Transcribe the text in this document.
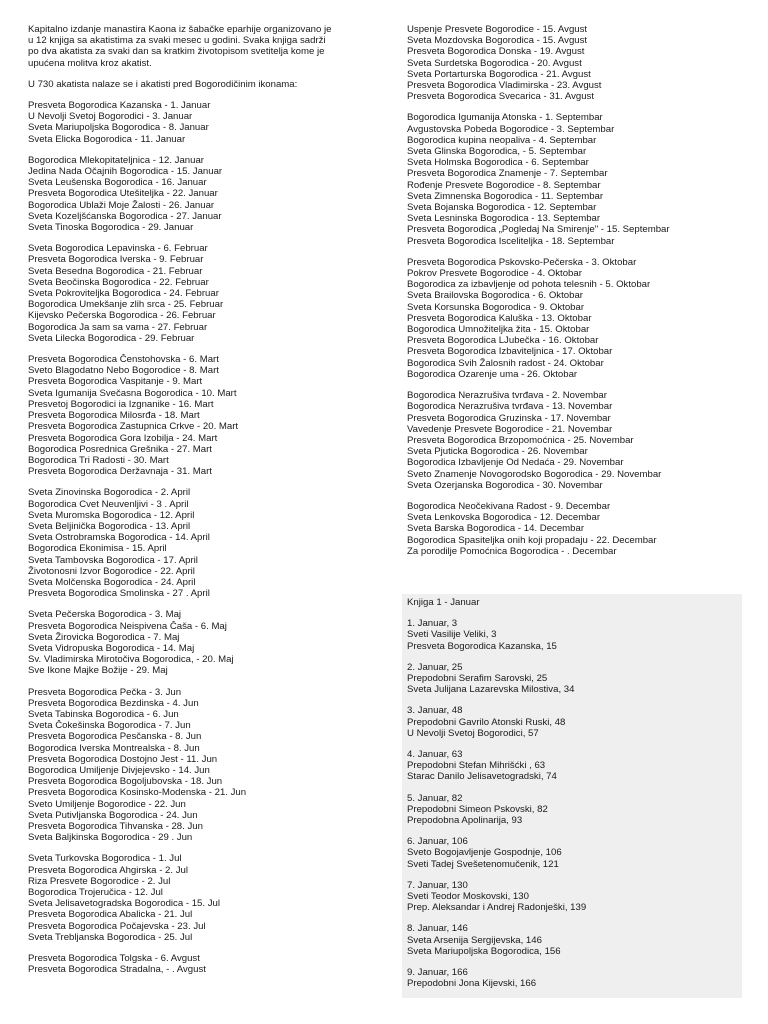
Kapitalno izdanje manastira Kaona iz šabačke eparhije organizovano je
u 12 knjiga sa akatistima za svaki mesec u godini. Svaka knjiga sadrži
po dva akatista za svaki dan sa kratkim životopisom svetitelja kome je
upućena molitva kroz akatist.

U 730 akatista nalaze se i akatisti pred Bogorodičinim ikonama:

Presveta Bogorodica Kazanska - 1. Januar
U Nevolji Svetoj Bogorodici - 3. Januar
Sveta Mariupoljska Bogorodica - 8. Januar
Sveta Elicka Bogorodica - 11. Januar
Bogorodica Mlekopitateljnica - 12. Januar
Jedina Nada Očajnih Bogorodica - 15. Januar
Sveta Leušenska Bogorodica - 16. Januar
Presveta Bogorodica Utešiteljka - 22. Januar
Bogorodica Ublaži Moje Žalosti - 26. Januar
Sveta Kozeljšćanska Bogorodica - 27. Januar
Sveta Tinoska Bogorodica - 29. Januar
Sveta Bogorodica Lepavinska - 6. Februar
Presveta Bogorodica Iverska - 9. Februar
Sveta Besedna Bogorodica - 21. Februar
Sveta Beočinska Bogorodica - 22. Februar
Sveta Pokroviteljka Bogorodica - 24. Februar
Bogorodica Umekšanje zlih srca - 25. Februar
Kijevsko Pečerska Bogorodica - 26. Februar
Bogorodica Ja sam sa vama - 27. Februar
Sveta Lilecka Bogorodica - 29. Februar
Presveta Bogorodica Čenstohovska - 6. Mart
Sveto Blagodatno Nebo Bogorodice - 8. Mart
Presveta Bogorodica Vaspitanje - 9. Mart
Sveta Igumanija Svečasna Bogorodica - 10. Mart
Presvetoj Bogorodici ia Izgnanike - 16. Mart
Presveta Bogorodica Milosrđa - 18. Mart
Presveta Bogorodica Zastupnica Crkve - 20. Mart
Presveta Bogorodica Gora Izobilja - 24. Mart
Bogorodica Posrednica Grešnika - 27. Mart
Bogorodica Tri Radosti - 30. Mart
Presveta Bogorodica Deržavnaja - 31. Mart
Sveta Zinovinska Bogorodica - 2. April
Bogorodica Cvet Neuvenljivi - 3 . April
Sveta Muromska Bogorodica - 12. April
Sveta Beljinička Bogorodica - 13. April
Sveta Ostrobramska Bogorodica - 14. April
Bogorodica Ekonimisa - 15. April
Sveta Tambovska Bogorodica - 17. April
Životonosni Izvor Bogorodice - 22. April
Sveta Molčenska Bogorodica - 24. April
Presveta Bogorodica Smolinska - 27 . April
Sveta Pečerska Bogorodica - 3. Maj
Presveta Bogorodica Neispivena Čaša - 6. Maj
Sveta Žirovicka Bogorodica - 7. Maj
Sveta Vidropuska Bogorodica - 14. Maj
Sv. Vladimirska Mirotočiva Bogorodica, - 20. Maj
Sve Ikone Majke Božije - 29. Maj
Presveta Bogorodica Pečka - 3. Jun
Presveta Bogorodica Bezdinska - 4. Jun
Sveta Tabinska Bogorodica - 6. Jun
Sveta Čokešinska Bogorodica - 7. Jun
Presveta Bogorodica Pesčanska - 8. Jun
Bogorodica Iverska Montrealska - 8. Jun
Presveta Bogorodica Dostojno Jest - 11. Jun
Bogorodica Umiljenje Divjejevsko - 14. Jun
Presveta Bogorodica Bogoljubovska - 18. Jun
Presveta Bogorodica Kosinsko-Modenska - 21. Jun
Sveto Umiljenje Bogorodice - 22. Jun
Sveta Putivljanska Bogorodica - 24. Jun
Presveta Bogorodica Tihvanska - 28. Jun
Sveta Baljkinska Bogorodica - 29 . Jun
Sveta Turkovska Bogorodica - 1. Jul
Presveta Bogorodica Ahgirska - 2. Jul
Riza Presvete Bogorodice - 2. Jul
Bogorodica Trojeručica - 12. Jul
Sveta Jelisavetogradska Bogorodica - 15. Jul
Presveta Bogorodica Abalicka - 21. Jul
Presveta Bogorodica Počajevska - 23. Jul
Sveta Trebljanska Bogorodica - 25. Jul
Presveta Bogorodica Tolgska - 6. Avgust
Presveta Bogorodica Stradalna, - . Avgust
Uspenje Presvete Bogorodice - 15. Avgust
Sveta Mozdovska Bogorodica - 15. Avgust
Presveta Bogorodica Donska - 19. Avgust
Sveta Surdetska Bogorodica - 20. Avgust
Sveta Portarturska Bogorodica - 21. Avgust
Presveta Bogorodica Vladimirska - 23. Avgust
Presveta Bogorodica Svecarica - 31. Avgust
Bogorodica Igumanija Atonska - 1. Septembar
Avgustovska Pobeda Bogorodice - 3. Septembar
Bogorodica kupina neopaliva - 4. Septembar
Sveta Glinska Bogorodica, - 5. Septembar
Sveta Holmska Bogorodica - 6. Septembar
Presveta Bogorodica Znamenje - 7. Septembar
Rođenje Presvete Bogorodice - 8. Septembar
Sveta Zimnenska Bogorodica - 11. Septembar
Sveta Bojanska Bogorodica - 12. Septembar
Sveta Lesninska Bogorodica - 13. Septembar
Presveta Bogorodica „Pogledaj Na Smirenje" - 15. Septembar
Presveta Bogorodica Isceliteljka - 18. Septembar
Presveta Bogorodica Pskovsko-Pečerska - 3. Oktobar
Pokrov Presvete Bogorodice - 4. Oktobar
Bogorodica za izbavljenje od pohota telesnih - 5. Oktobar
Sveta Brailovska Bogorodica - 6. Oktobar
Sveta Korsunska Bogorodica - 9. Oktobar
Presveta Bogorodica Kaluška - 13. Oktobar
Bogorodica Umnožiteljka žita - 15. Oktobar
Presveta Bogorodica LJubečka - 16. Oktobar
Presveta Bogorodica Izbaviteljnica - 17. Oktobar
Bogorodica Svih Žalosnih radost - 24. Oktobar
Bogorodica Ozarenje uma - 26. Oktobar
Bogorodica Nerazrušiva tvrđava - 2. Novembar
Bogorodica Nerazrušiva tvrđava - 13. Novembar
Presveta Bogorodica Gruzinska - 17. Novembar
Vavedenje Presvete Bogorodice - 21. Novembar
Presveta Bogorodica Brzopomoćnica - 25. Novembar
Sveta Pjuticka Bogorodica - 26. Novembar
Bogorodica Izbavljenje Od Nedaća - 29. Novembar
Sveto Znamenje Novogorodsko Bogorodica - 29. Novembar
Sveta Ozerjanska Bogorodica - 30. Novembar
Bogorodica Neočekivana Radost - 9. Decembar
Sveta Lenkovska Bogorodica - 12. Decembar
Sveta Barska Bogorodica - 14. Decembar
Bogorodica Spasiteljka onih koji propadaju - 22. Decembar
Za porodilje Pomoćnica Bogorodica - . Decembar
Knjiga 1 - Januar
1. Januar, 3
Sveti Vasilije Veliki, 3
Presveta Bogorodica Kazanska, 15
2. Januar, 25
Prepodobni Serafim Sarovski, 25
Sveta Julijana Lazarevska Milostiva, 34
3. Januar, 48
Prepodobni Gavrilo Atonski Ruski, 48
U Nevolji Svetoj Bogorodici, 57
4. Januar, 63
Prepodobni Stefan Mihrišćki , 63
Starac Danilo Jelisavetogradski, 74
5. Januar, 82
Prepodobni Simeon Pskovski, 82
Prepodobna Apolinarija, 93
6. Januar, 106
Sveto Bogojavljenje Gospodnje, 106
Sveti Tadej Svešetenomučenik, 121
7. Januar, 130
Sveti Teodor Moskovski, 130
Prep. Aleksandar i Andrej Radonješki, 139
8. Januar, 146
Sveta Arsenija Sergijevska, 146
Sveta Mariupoljska Bogorodica, 156
9. Januar, 166
Prepodobni Jona Kijevski, 166
